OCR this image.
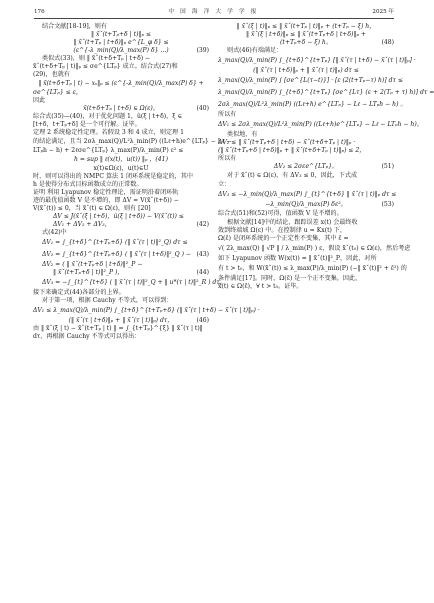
176	中 国 海 洋 大 学 学 报	2025 年
结合文献[18-19]，则有
‖ x̃ˇ(t+Tₚ+δ | t)‖ₚ ≤
‖ x̃ˇ(t+Tₚ | t+δ)‖ₚ e^{L_φ δ} ≤
(ε^{-λ_min(Q)/λ_max(P) δ} ...)	(39)
类似式(33)，则 ‖ x̃ˇ(t+δ+Tₚ | t+δ) −
x̃ˇ(t+δ+Tₚ | t)‖ₚ ≤ σe^{LTₚ} 成立。结合式(27)和
(29)，也就有
‖ x̃(t+δ+Tₚ | t) − xₛ‖ₚ ≤ (ε^{-λ_min(Q)/λ_max(P) δ} +
σe^{LTₚ} ≤ ε，
因此
x̃(t+δ+Tₚ | t+δ) ∈ Ω(ε)。	(40)
综合式(35)—(40)，对于优化问题 1，û(ξ | t+δ)，ξ ∈
[t+δ，t+Tₚ+δ] 是一个可行解。证毕。
定理 2 系统稳定性定理。若假设 3 和 4 成立，则定理 1
的结论满足，且当 2σλ_max(Q)/L²λ_min(P) ((Lℓ+h)e^{LTₚ} − Lℓ −
LTₚh − h) + 2ℓσe^{LTₚ} λ_max(P)/λ_min(P) ε² ≤
h = sup ‖ ℓ(x(t)，u(t)) ‖ₚ ，(41)
x(t)∈Ω(ε)，u(t)∈U
时，则可以得出的 NMPC 算法 1 闭环系统是稳定的，其中
h 是使得分布式目标函数成立的正常数。
证明 利用 Lyapunov 稳定性理论，需证明沿着闭环轨
迹的最优值函数 V 是不增的，即 ΔV = V(x̃ˇ(t+δ)) −
V(x̃ˇ(t)) ≤ 0，当 x̃ˇ(t) ∈ Ω(ε)，则有 [20]
ΔV ≤ J(x̃ˇ(ξ | t+δ)，û(ξ | t+δ)) − V(x̃ˇ(t)) ≤
ΔV₁ + ΔV₂ + ΔV₃，	(42)
式(42)中
ΔV₁ = ∫_{t+δ}^{t+Tₚ+δ} (‖ x̃ˇ(τ | t)‖²_Q) dτ ≤
ΔV₂ = ∫_{t+δ}^{t+Tₚ+δ} ( ‖ x̃ˇ(τ | t+δ)‖²_Q ) − (43)
ΔV₂ = ( ‖ x̃ˇ(t+Tₚ+δ | t+δ)‖²_P −
‖ x̃ˇ(t+Tₚ+δ | t)‖²_P )，	(44)
ΔV₃ = −∫_{t}^{t+δ} ( ‖ x̃ˇ(τ | t)‖²_Q + ‖ u*(τ | t)‖²_R ) dτ。
接下来确定式(44)各部分的上界。
对于第一项，根据 Cauchy 不等式，可以得到：
ΔV₁ ≤ λ_max(Q)/λ_min(P) ∫_{t+δ}^{t+Tₚ+δ} (‖ x̃ˇ(τ | t+δ) − x̃ˇ(τ | t)‖ₚ) ·
(‖ x̃ˇ(τ | t+δ)‖ₚ + ‖ x̃ˇ(τ | t)‖ₚ) dτ，	(46)
由 ‖ x̃ˇ(ξ | t) − x̃ˇ(t+Tₚ | t) ‖ = ∫_{t+Tₚ}^{ξ} ‖ x̃ˇ(τ | t)‖
dτ，再根据 Cauchy 不等式可以得出：
‖ x̃ˇ(ξ | t)‖ₚ ≤ ‖ x̃ˇ(t+Tₚ | t)‖ₚ + (t+Tₚ − ξ) h，
‖ x̃ˇ(ξ | t+δ)‖ₚ ≤ ‖ x̃ˇ(t+Tₚ+δ | t+δ)‖ₚ +
(t+Tₚ+δ − ξ) h。	(48)
则式(46)有端满足：
λ_max(Q)/λ_min(P) ∫_{t+δ}^{t+Tₚ} [‖ x̃ˇ(τ | t+δ) − x̃ˇ(τ | t)‖ₚ] ·
(‖ x̃ˇ(τ | t+δ)‖ₚ + ‖ x̃ˇ(τ | t)‖ₚ) dτ ≤
λ_max(Q)/λ_min(P) ∫ [σe^{L(τ−t)}] · [ε (2(t+Tₚ−τ) h)] dτ ≤
λ_max(Q)/λ_min(P) ∫_{t+δ}^{t+Tₚ} [σe^{Lτ} (ε + 2(Tₚ + τ) h)] dτ =
2σλ_max(Q)/L²λ_min(P) ((Lℓ+h) e^{LTₚ} − Lℓ − LTₚh − h) 。
所以有
ΔV₁ ≤ 2σλ_max(Q)/L²λ_min(P) ((Lℓ+h)e^{LTₚ} − Lℓ − LTₚh − h)。
类似地，有
ΔV₂ ≤ ‖ x̃ˇ(t+Tₚ+δ | t+δ) − x̃ˇ(t+δ+Tₚ | t)‖ₚ ·
(‖ x̃ˇ(t+Tₚ+δ | t+δ)‖ₚ + ‖ x̃ˇ(t+δ+Tₚ | t)‖ₚ) ≤ 2，
所以有
ΔV₂ ≤ 2σεe^{LTₚ}。	(51)
对于 x̃ˇ(t) ∈ Ω(ε)，有 ΔV₃ ≤ 0，因此，下式成
立：
ΔV₃ ≤ −λ_min(Q)/λ_max(P) ∫_{t}^{t+δ} ‖ x̃ˇ(τ | t)‖ₚ dτ ≤
−λ_min(Q)/λ_max(P) δε²。	(53)
综合式(51)和(52)可得，值函数 V 是不增的。
根据文献[14]中的结论，跟踪误差 x(t) 会最终收
敛到终端域 Ω(ε) 中。在控制律 u = Kx(t) 下，
Ω(ε̄) 是闭环系统的一个正定性不变集，其中 ε̄ =
√( 2λ_max(Q) ‖ √P ‖ / λ_min(P) ) ε，假设 x̃ˇ(t₀) ∈ Ω(ε)，然后考虑
如下 Lyapunov 函数 W(x(t)) = ‖ x̃ˇ(t)‖²_P，因此，对所
有 t > t₀，和 W(x̃ˇ(t)) ≤ λ_max(P)/λ_min(P) (−‖ x̃ˇ(t)‖² + ε̄²) 的
条件满足[17]。同时，Ω(ε̄) 是一个正不变集，因此，
x̃(t) ∈ Ω(ε̄)，∀ t > t₀。证毕。
